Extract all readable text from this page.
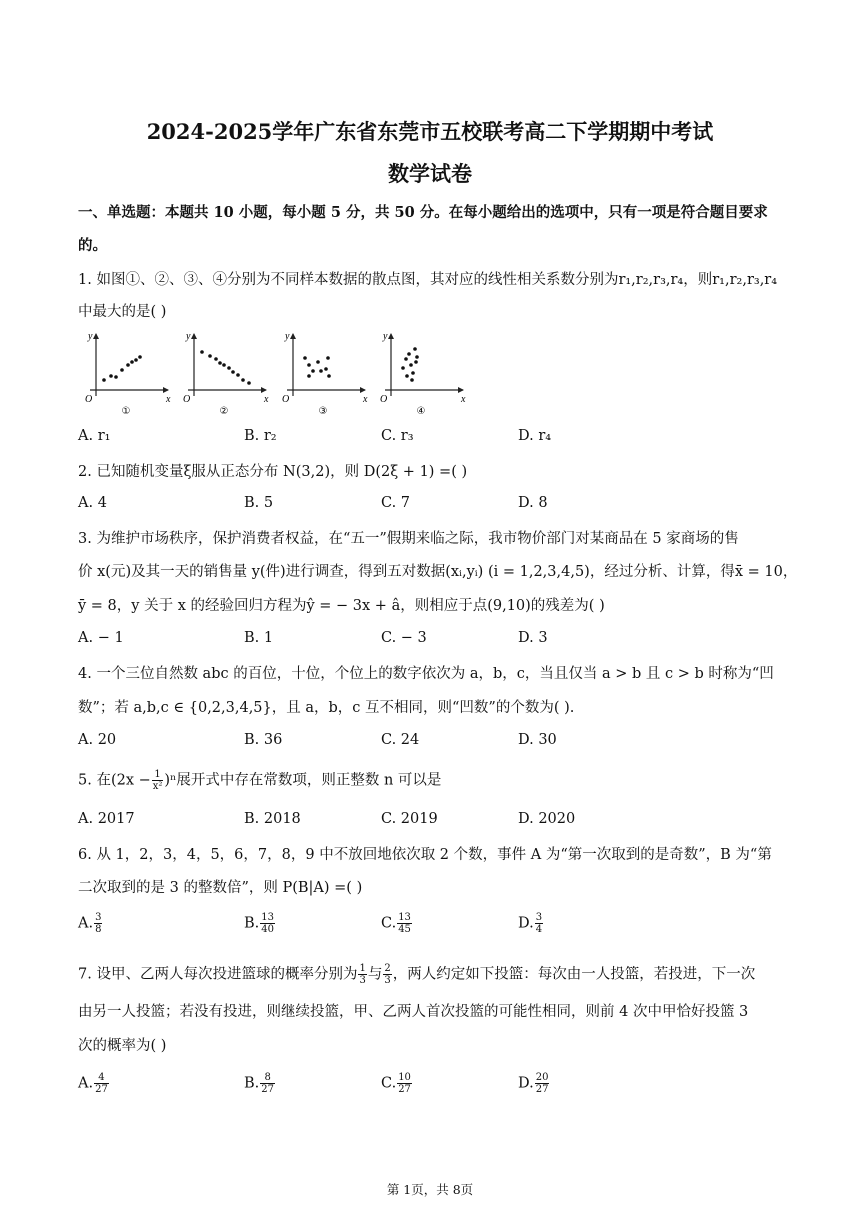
2024-2025学年广东省东莞市五校联考高二下学期期中考试
数学试卷
一、单选题：本题共 10 小题，每小题 5 分，共 50 分。在每小题给出的选项中，只有一项是符合题目要求
的。
1. 如图①、②、③、④分别为不同样本数据的散点图，其对应的线性相关系数分别为r₁,r₂,r₃,r₄，则r₁,r₂,r₃,r₄
中最大的是( )
y
x
O
①
y
x
O
②
y
x
O
③
y
x
O
④
A. r₁	B. r₂	C. r₃	D. r₄
2. 已知随机变量ξ服从正态分布 N(3,2)，则 D(2ξ + 1) =( )
A. 4	B. 5	C. 7	D. 8
3. 为维护市场秩序，保护消费者权益，在“五一”假期来临之际，我市物价部门对某商品在 5 家商场的售
价 x(元)及其一天的销售量 y(件)进行调查，得到五对数据(xᵢ,yᵢ) (i = 1,2,3,4,5)，经过分析、计算，得x̄ = 10，
ȳ = 8，y 关于 x 的经验回归方程为ŷ = − 3x + â，则相应于点(9,10)的残差为( )
A. − 1	B. 1	C. − 3	D. 3
4. 一个三位自然数 abc 的百位，十位，个位上的数字依次为 a，b，c，当且仅当 a > b 且 c > b 时称为“凹
数”；若 a,b,c ∈ {0,2,3,4,5}，且 a，b，c 互不相同，则“凹数”的个数为( ).
A. 20	B. 36	C. 24	D. 30
5. 在$(2x - \frac{1}{\text{x²}} )^n$展开式中存在常数项，则正整数 n 可以是
A. 2017	B. 2018	C. 2019	D. 2020
6. 从 1，2，3，4，5，6，7，8，9 中不放回地依次取 2 个数，事件 A 为“第一次取到的是奇数”，B 为“第
二次取到的是 3 的整数倍”，则 P(B|A) =( )
A. $\frac{3}{8}$	B. $\frac{13}{40}$	C. $\frac{13}{45}$	D. $\frac{3}{4}$
7. 设甲、乙两人每次投进篮球的概率分别为 $\frac{1}{3}$ 与 $\frac{2}{3}$ ，两人约定如下投篮：每次由一人投篮，若投进，下一次
由另一人投篮；若没有投进，则继续投篮，甲、乙两人首次投篮的可能性相同，则前 4 次中甲恰好投篮 3
次的概率为( )
A. $\frac{4}{27}$	B. $\frac{8}{27}$	C. $\frac{10}{27}$	D. $\frac{20}{27}$
第 1页，共 8页
